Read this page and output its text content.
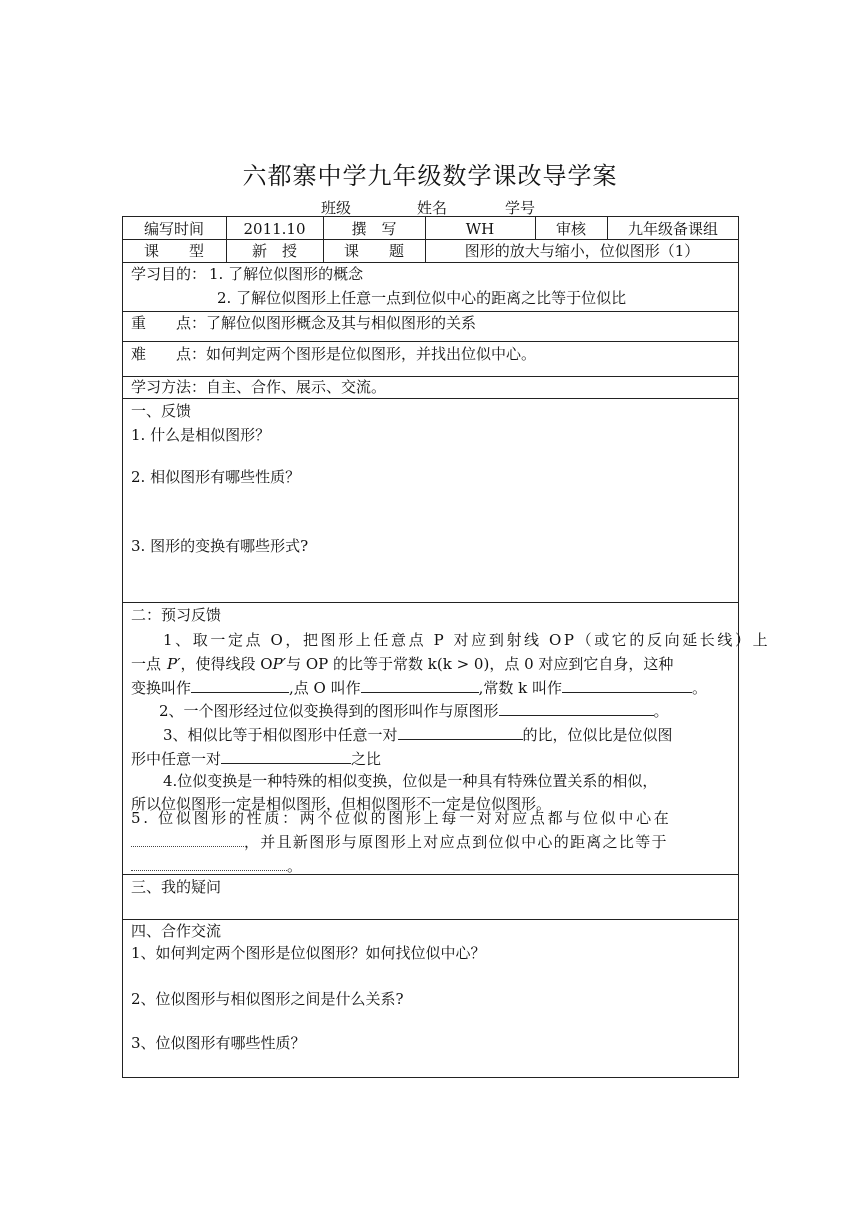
六都寨中学九年级数学课改导学案
班级	姓名	学号
编写时间	2011.10	撰　写	WH	审核	九年级备课组
课　　型	新　授	课　　题	图形的放大与缩小，位似图形（1）
学习目的： 1. 了解位似图形的概念
2. 了解位似图形上任意一点到位似中心的距离之比等于位似比
重　　点：了解位似图形概念及其与相似图形的关系
难　　点：如何判定两个图形是位似图形，并找出位似中心。
学习方法：自主、合作、展示、交流。
一、反馈
1. 什么是相似图形？
2. 相似图形有哪些性质？
3. 图形的变换有哪些形式?
二：预习反馈
1、取一定点 O，把图形上任意点 P 对应到射线 OP（或它的反向延长线）上
一点 P′，使得线段 OP′与 OP 的比等于常数 k(k > 0)，点 0 对应到它自身，这种
变换叫作	,点 O 叫作	,常数 k 叫作	。
2、一个图形经过位似变换得到的图形叫作与原图形	。
3、相似比等于相似图形中任意一对	的比，位似比是位似图
形中任意一对	之比
4.位似变换是一种特殊的相似变换，位似是一种具有特殊位置关系的相似，
所以位似图形一定是相似图形，但相似图形不一定是位似图形。
5. 位似图形的性质：两个位似的图形上每一对对应点都与位似中心在
，并且新图形与原图形上对应点到位似中心的距离之比等于
。
三、我的疑问
四、合作交流
1、如何判定两个图形是位似图形？如何找位似中心？
2、位似图形与相似图形之间是什么关系?
3、位似图形有哪些性质？
